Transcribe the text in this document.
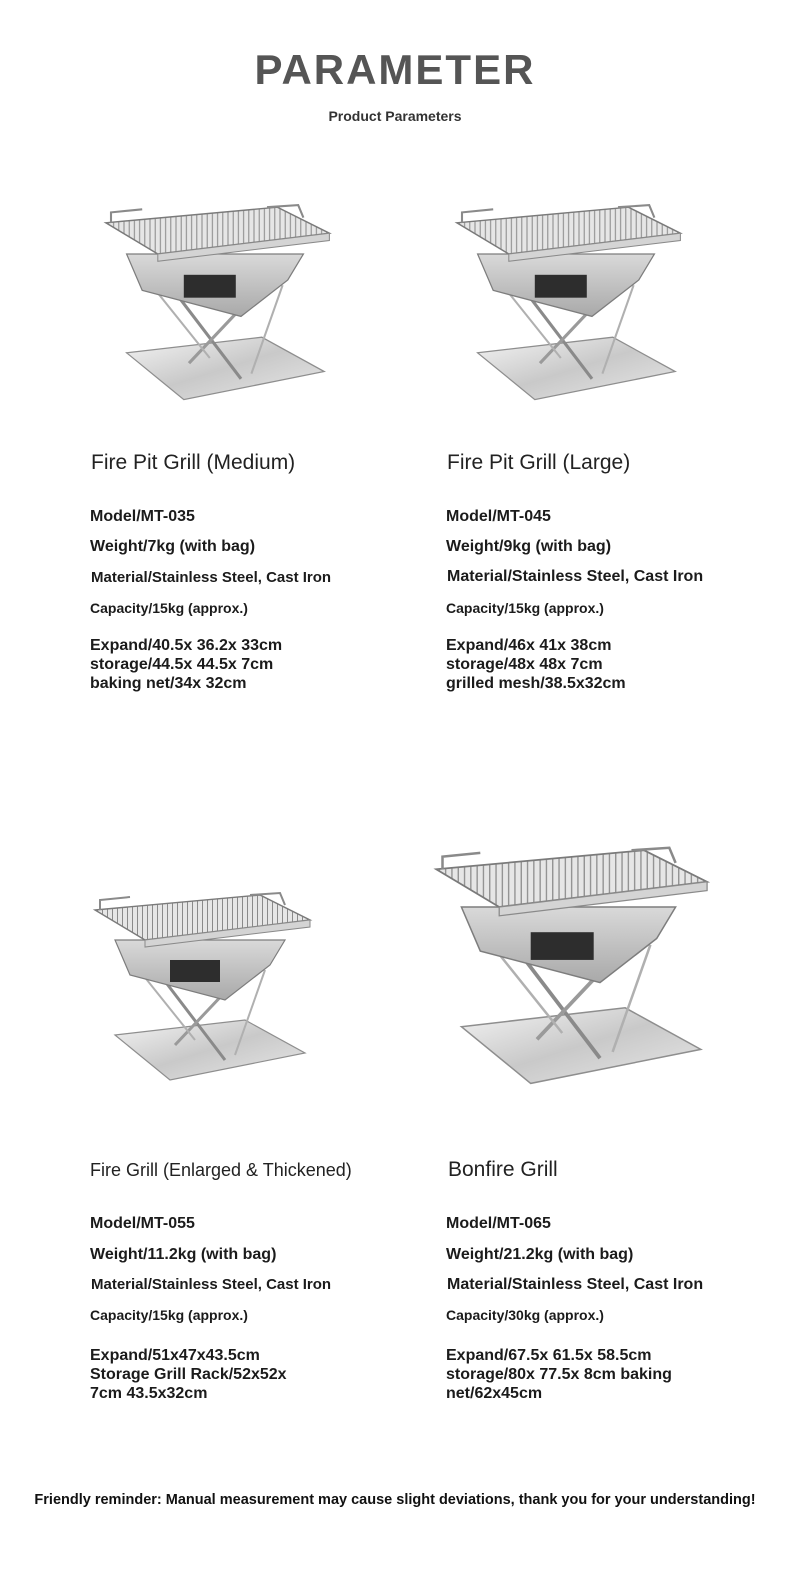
PARAMETER
Product Parameters
Fire Pit Grill (Medium)
Model/MT-035
Weight/7kg (with bag)
Material/Stainless Steel, Cast Iron
Capacity/15kg (approx.)
Expand/40.5x 36.2x 33cm
storage/44.5x 44.5x 7cm
baking net/34x 32cm
Fire Pit Grill (Large)
Model/MT-045
Weight/9kg (with bag)
Material/Stainless Steel, Cast Iron
Capacity/15kg (approx.)
Expand/46x 41x 38cm
storage/48x 48x 7cm
grilled mesh/38.5x32cm
Fire Grill (Enlarged & Thickened)
Model/MT-055
Weight/11.2kg (with bag)
Material/Stainless Steel, Cast Iron
Capacity/15kg (approx.)
Expand/51x47x43.5cm
Storage Grill Rack/52x52x
7cm 43.5x32cm
Bonfire Grill
Model/MT-065
Weight/21.2kg (with bag)
Material/Stainless Steel, Cast Iron
Capacity/30kg (approx.)
Expand/67.5x 61.5x 58.5cm
storage/80x 77.5x 8cm baking
net/62x45cm
Friendly reminder: Manual measurement may cause slight deviations, thank you for your understanding!
